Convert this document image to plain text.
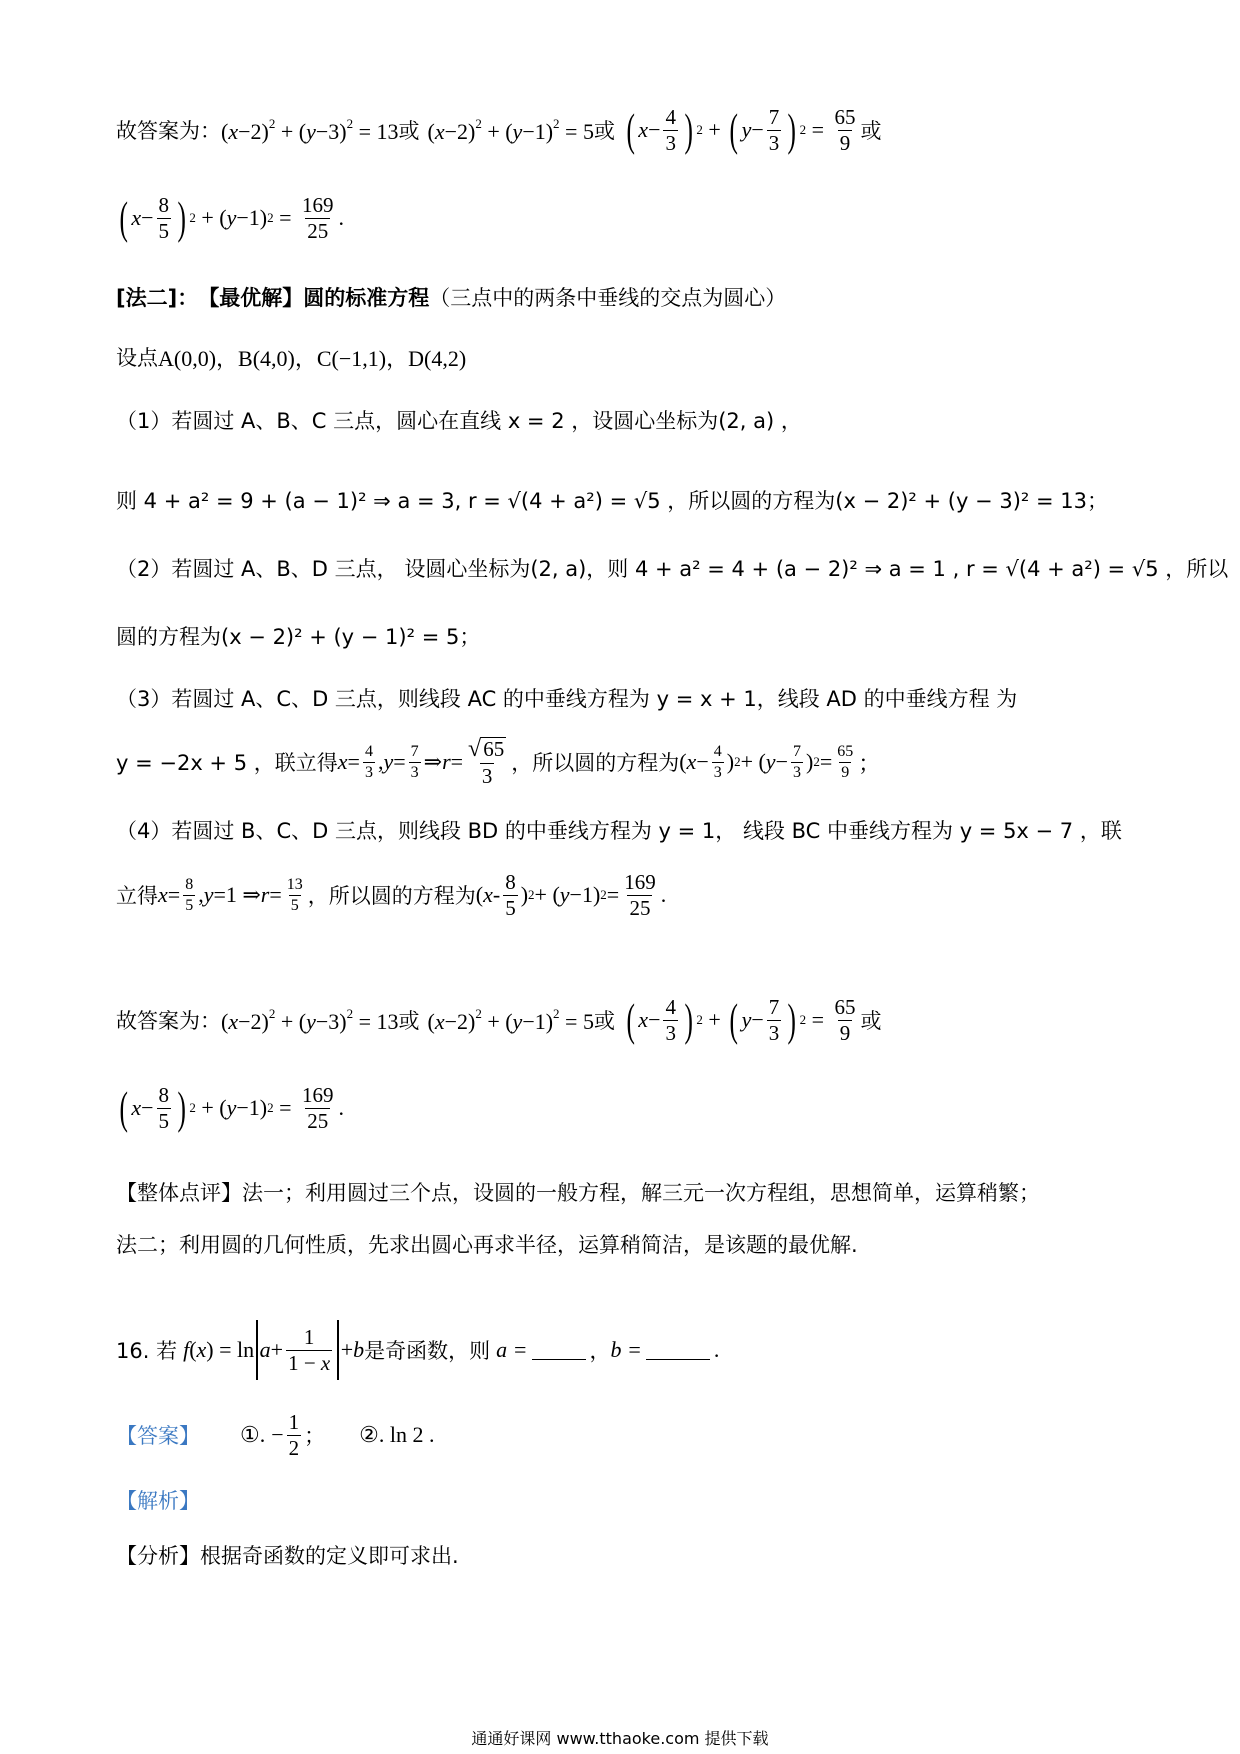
故答案为： $(x-2)^2 + (y-3)^2 = 13$ 或 $(x-2)^2 + (y-1)^2 = 5$ 或 ( $x - \frac{4}{3}$ ) 2 + ( $y - \frac{7}{3}$ ) $2 = \frac{65}{9}$ 或
( $x - \frac{8}{5}$ ) 2 + ( y −1) $2 = \frac{169}{25}$ .
[法二]： 【最优解】 圆的标准方程 （三点中的两条中垂线的交点为圆心）
设点 A(0,0)，B(4,0)，C(−1,1)，D(4,2)
（1）若圆过 A、B、C 三点，圆心在直线 x = 2 ，设圆心坐标为(2, a) ，
则 4 + a² = 9 + (a − 1)² ⇒ a = 3, r = √(4 + a²) = √5 ，所以圆的方程为(x − 2)² + (y − 3)² = 13；
（2）若圆过 A、B、D 三点， 设圆心坐标为(2, a)，则 4 + a² = 4 + (a − 2)² ⇒ a = 1 , r = √(4 + a²) = √5 ，所以
圆的方程为(x − 2)² + (y − 1)² = 5；
（3）若圆过 A、C、D 三点，则线段 AC 的中垂线方程为 y = x + 1，线段 AD 的中垂线方程 为
y = −2x + 5 ，联立得 $x = \frac{4}{3}$ , $y = \frac{7}{3}$ ⇒ $r = \frac{√ 65}{3}$ ，所以圆的方程为 ( $x - \frac{4}{3}$ ) 2 + ( $y - \frac{7}{3}$ ) $2 = \frac{65}{9}$ ；
（4）若圆过 B、C、D 三点，则线段 BD 的中垂线方程为 y = 1， 线段 BC 中垂线方程为 y = 5x − 7 ，联
立得 $x = \frac{8}{5}$ , y =1 ⇒ $r = \frac{13}{5}$ ，所以圆的方程为 ( x - $\frac{8}{5}$ ) 2 + ( y −1) $2 = \frac{169}{25}$ .
故答案为： $(x-2)^2 + (y-3)^2 = 13$ 或 $(x-2)^2 + (y-1)^2 = 5$ 或 ( $x - \frac{4}{3}$ ) 2 + ( $y - \frac{7}{3}$ ) $2 = \frac{65}{9}$ 或
( $x - \frac{8}{5}$ ) 2 + ( y −1) $2 = \frac{169}{25}$ .
【整体点评】 法一；利用圆过三个点，设圆的一般方程，解三元一次方程组，思想简单，运算稍繁；
法二；利用圆的几何性质，先求出圆心再求半径，运算稍简洁，是该题的最优解.
16. 若 f ( x ) = $\ln a + \frac{1}{1 - x} + b$ 是奇函数，则 a =	， b =	.
【答案】 ①. − $\frac{1}{2}$ ； ②. ln 2 .
【解析】
【分析】 根据奇函数的定义即可求出.
通通好课网 www.tthaoke.com 提供下载
